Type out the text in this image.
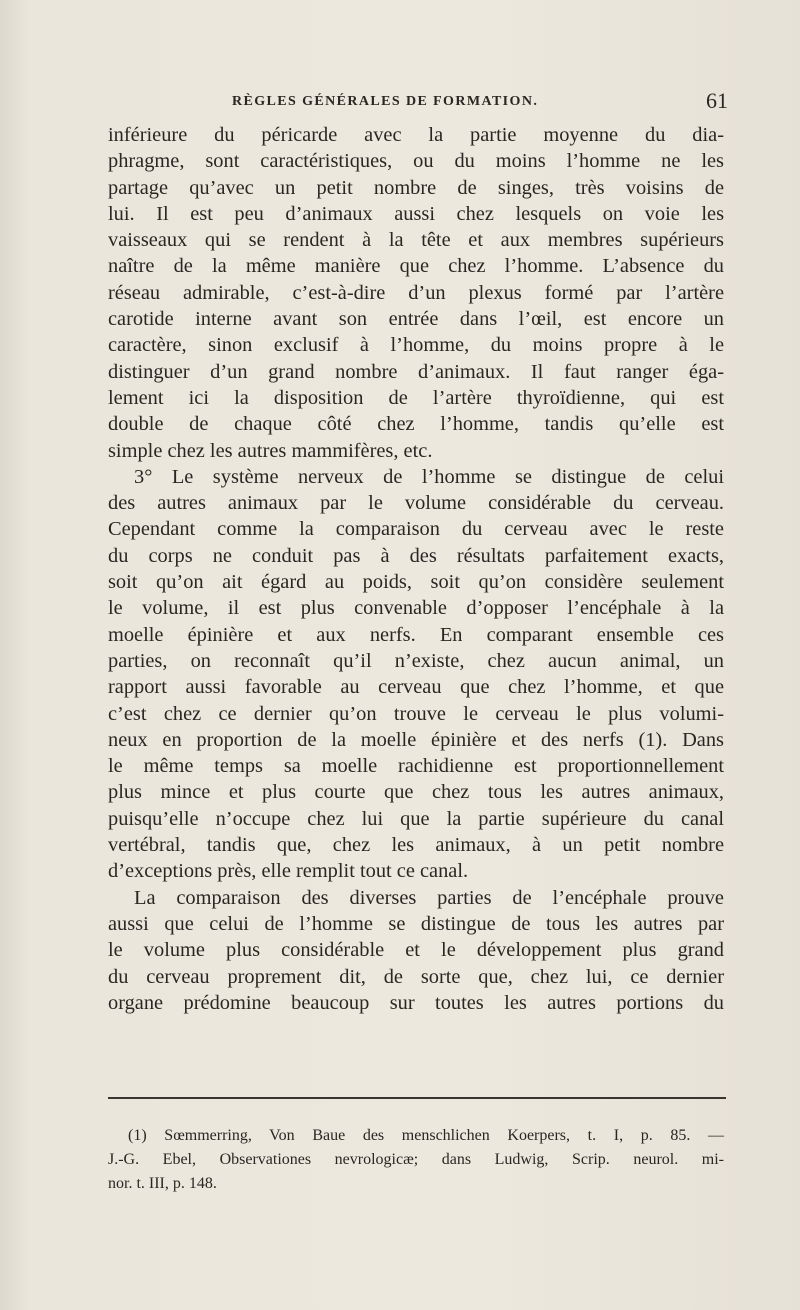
RÈGLES GÉNÉRALES DE FORMATION.	61
inférieure du péricarde avec la partie moyenne du dia-
phragme, sont caractéristiques, ou du moins l’homme ne les
partage qu’avec un petit nombre de singes, très voisins de
lui. Il est peu d’animaux aussi chez lesquels on voie les
vaisseaux qui se rendent à la tête et aux membres supérieurs
naître de la même manière que chez l’homme. L’absence du
réseau admirable, c’est-à-dire d’un plexus formé par l’artère
carotide interne avant son entrée dans l’œil, est encore un
caractère, sinon exclusif à l’homme, du moins propre à le
distinguer d’un grand nombre d’animaux. Il faut ranger éga-
lement ici la disposition de l’artère thyroïdienne, qui est
double de chaque côté chez l’homme, tandis qu’elle est
simple chez les autres mammifères, etc.
3° Le système nerveux de l’homme se distingue de celui
des autres animaux par le volume considérable du cerveau.
Cependant comme la comparaison du cerveau avec le reste
du corps ne conduit pas à des résultats parfaitement exacts,
soit qu’on ait égard au poids, soit qu’on considère seulement
le volume, il est plus convenable d’opposer l’encéphale à la
moelle épinière et aux nerfs. En comparant ensemble ces
parties, on reconnaît qu’il n’existe, chez aucun animal, un
rapport aussi favorable au cerveau que chez l’homme, et que
c’est chez ce dernier qu’on trouve le cerveau le plus volumi-
neux en proportion de la moelle épinière et des nerfs (1). Dans
le même temps sa moelle rachidienne est proportionnellement
plus mince et plus courte que chez tous les autres animaux,
puisqu’elle n’occupe chez lui que la partie supérieure du canal
vertébral, tandis que, chez les animaux, à un petit nombre
d’exceptions près, elle remplit tout ce canal.
La comparaison des diverses parties de l’encéphale prouve
aussi que celui de l’homme se distingue de tous les autres par
le volume plus considérable et le développement plus grand
du cerveau proprement dit, de sorte que, chez lui, ce dernier
organe prédomine beaucoup sur toutes les autres portions du
(1) Sœmmerring, Von Baue des menschlichen Koerpers, t. I, p. 85. —
J.-G. Ebel, Observationes nevrologicæ; dans Ludwig, Scrip. neurol. mi-
nor. t. III, p. 148.
